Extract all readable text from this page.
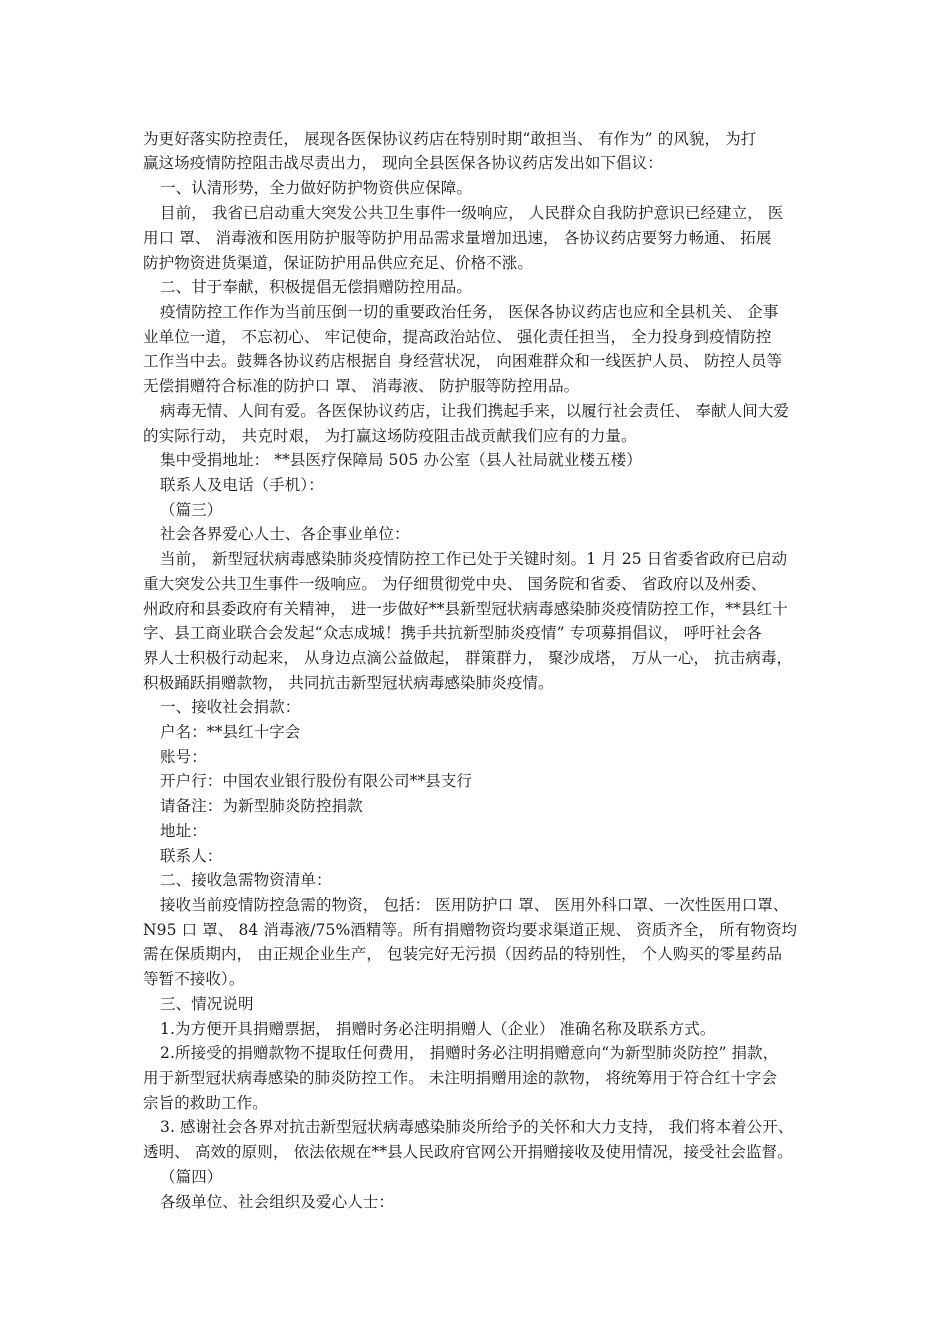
为更好落实防控责任， 展现各医保协议药店在特别时期“敢担当、 有作为” 的风貌， 为打
赢这场疫情防控阻击战尽责出力， 现向全县医保各协议药店发出如下倡议：
一、认清形势，全力做好防护物资供应保障。
目前， 我省已启动重大突发公共卫生事件一级响应， 人民群众自我防护意识已经建立， 医
用口 罩、 消毒液和医用防护服等防护用品需求量增加迅速， 各协议药店要努力畅通、 拓展
防护物资进货渠道，保证防护用品供应充足、价格不涨。
二、甘于奉献，积极提倡无偿捐赠防控用品。
疫情防控工作作为当前压倒一切的重要政治任务， 医保各协议药店也应和全县机关、 企事
业单位一道， 不忘初心、 牢记使命，提高政治站位、 强化责任担当， 全力投身到疫情防控
工作当中去。鼓舞各协议药店根据自 身经营状况， 向困难群众和一线医护人员、 防控人员等
无偿捐赠符合标准的防护口 罩、 消毒液、 防护服等防控用品。
病毒无情、人间有爱。各医保协议药店，让我们携起手来，以履行社会责任、 奉献人间大爱
的实际行动， 共克时艰， 为打赢这场防疫阻击战贡献我们应有的力量。
集中受捐地址： **县医疗保障局 505 办公室（县人社局就业楼五楼）
联系人及电话（手机）：
（篇三）
社会各界爱心人士、各企事业单位：
当前， 新型冠状病毒感染肺炎疫情防控工作已处于关键时刻。1 月 25 日省委省政府已启动
重大突发公共卫生事件一级响应。 为仔细贯彻党中央、 国务院和省委、 省政府以及州委、
州政府和县委政府有关精神， 进一步做好**县新型冠状病毒感染肺炎疫情防控工作，**县红十
字、县工商业联合会发起“众志成城！携手共抗新型肺炎疫情” 专项募捐倡议， 呼吁社会各
界人士积极行动起来， 从身边点滴公益做起， 群策群力， 聚沙成塔， 万从一心， 抗击病毒，
积极踊跃捐赠款物， 共同抗击新型冠状病毒感染肺炎疫情。
一、接收社会捐款：
户名：**县红十字会
账号：
开户行：中国农业银行股份有限公司**县支行
请备注：为新型肺炎防控捐款
地址：
联系人：
二、接收急需物资清单：
接收当前疫情防控急需的物资， 包括： 医用防护口 罩、 医用外科口罩、一次性医用口罩、
N95 口 罩、 84 消毒液/75%酒精等。所有捐赠物资均要求渠道正规、 资质齐全， 所有物资均
需在保质期内， 由正规企业生产， 包装完好无污损（因药品的特别性， 个人购买的零星药品
等暂不接收）。
三、情况说明
1.为方便开具捐赠票据， 捐赠时务必注明捐赠人（企业） 准确名称及联系方式。
2.所接受的捐赠款物不提取任何费用， 捐赠时务必注明捐赠意向“为新型肺炎防控” 捐款，
用于新型冠状病毒感染的肺炎防控工作。 未注明捐赠用途的款物， 将统筹用于符合红十字会
宗旨的救助工作。
3. 感谢社会各界对抗击新型冠状病毒感染肺炎所给予的关怀和大力支持， 我们将本着公开、
透明、 高效的原则， 依法依规在**县人民政府官网公开捐赠接收及使用情况，接受社会监督。
（篇四）
各级单位、社会组织及爱心人士：
